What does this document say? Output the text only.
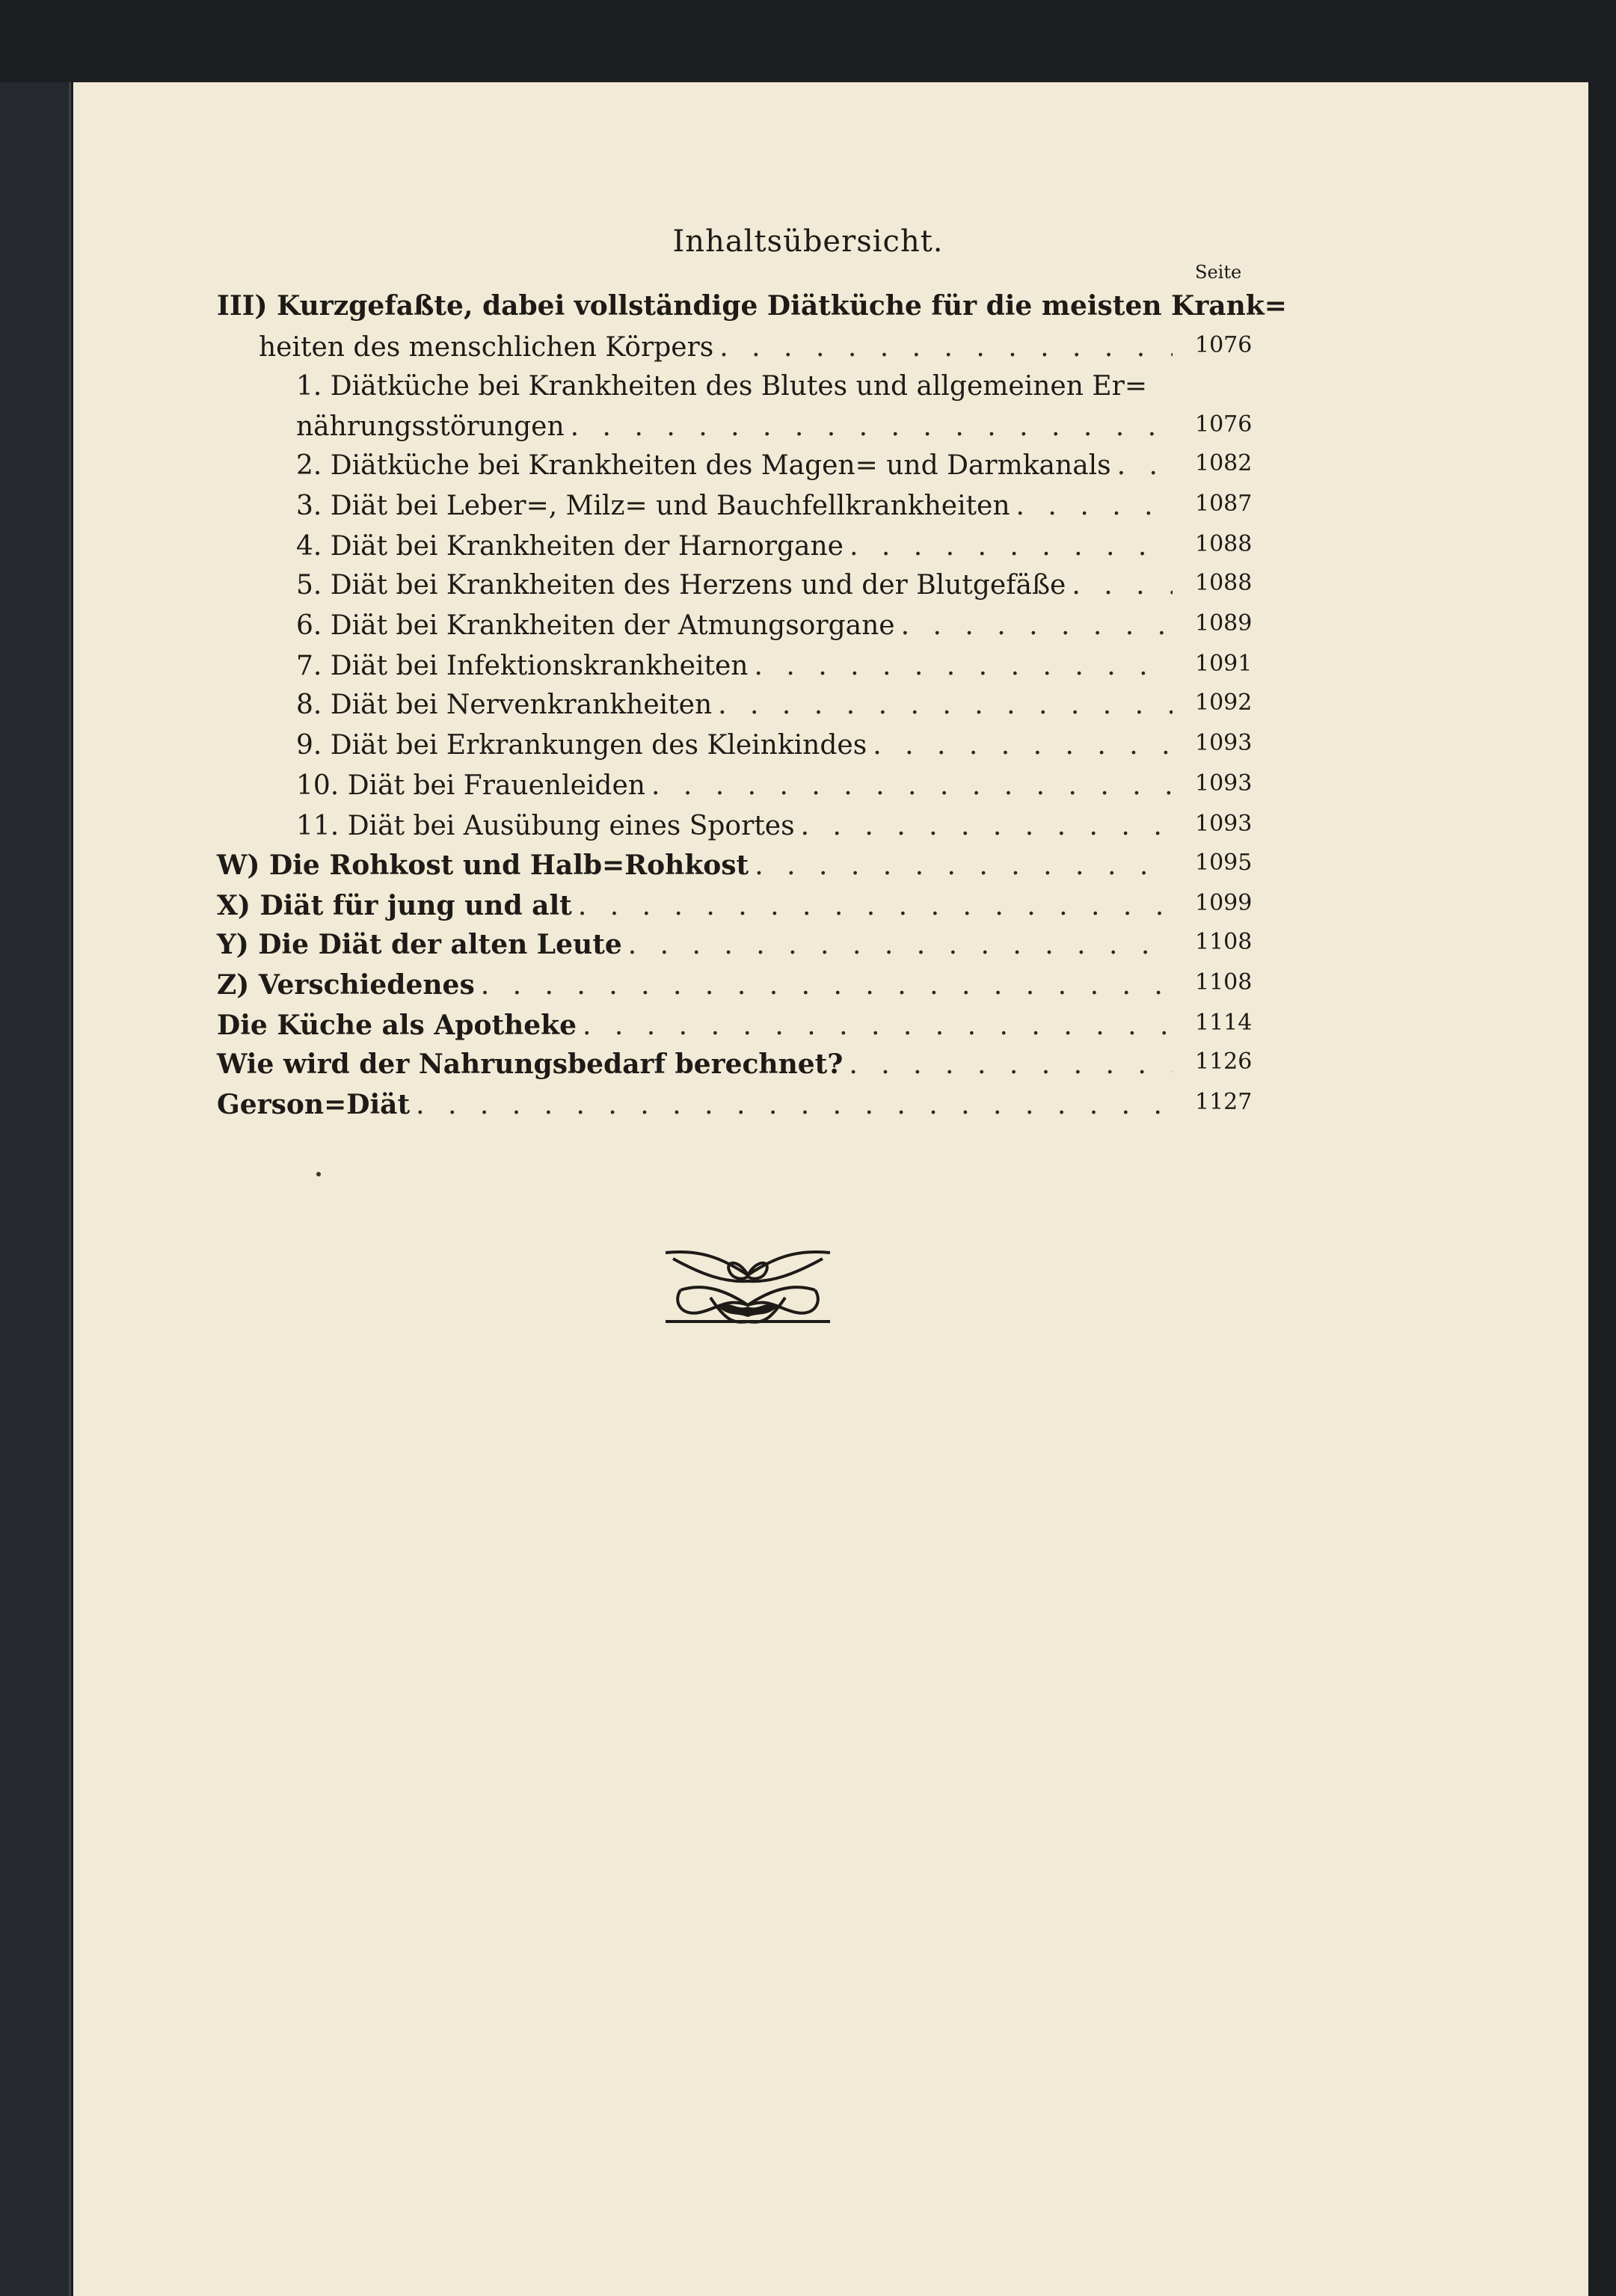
Inhaltsübersicht.
Seite
III) Kurzgefaßte, dabei vollständige Diätküche für die meisten Krank=
heiten des menschlichen Körpers . . .	1076
1. Diätküche bei Krankheiten des Blutes und allgemeinen Er=
nährungsstörungen . . .	1076
2. Diätküche bei Krankheiten des Magen= und Darmkanals . . .	1082
3. Diät bei Leber=, Milz= und Bauchfellkrankheiten . . .	1087
4. Diät bei Krankheiten der Harnorgane . . .	1088
5. Diät bei Krankheiten des Herzens und der Blutgefäße . . .	1088
6. Diät bei Krankheiten der Atmungsorgane . . .	1089
7. Diät bei Infektionskrankheiten . . .	1091
8. Diät bei Nervenkrankheiten . . .	1092
9. Diät bei Erkrankungen des Kleinkindes . . .	1093
10. Diät bei Frauenleiden . . .	1093
11. Diät bei Ausübung eines Sportes . . .	1093
W) Die Rohkost und Halb=Rohkost . . .	1095
X) Diät für jung und alt . . .	1099
Y) Die Diät der alten Leute . . .	1108
Z) Verschiedenes . . .	1108
Die Küche als Apotheke . . .	1114
Wie wird der Nahrungsbedarf berechnet? . . .	1126
Gerson=Diät . . .	1127
